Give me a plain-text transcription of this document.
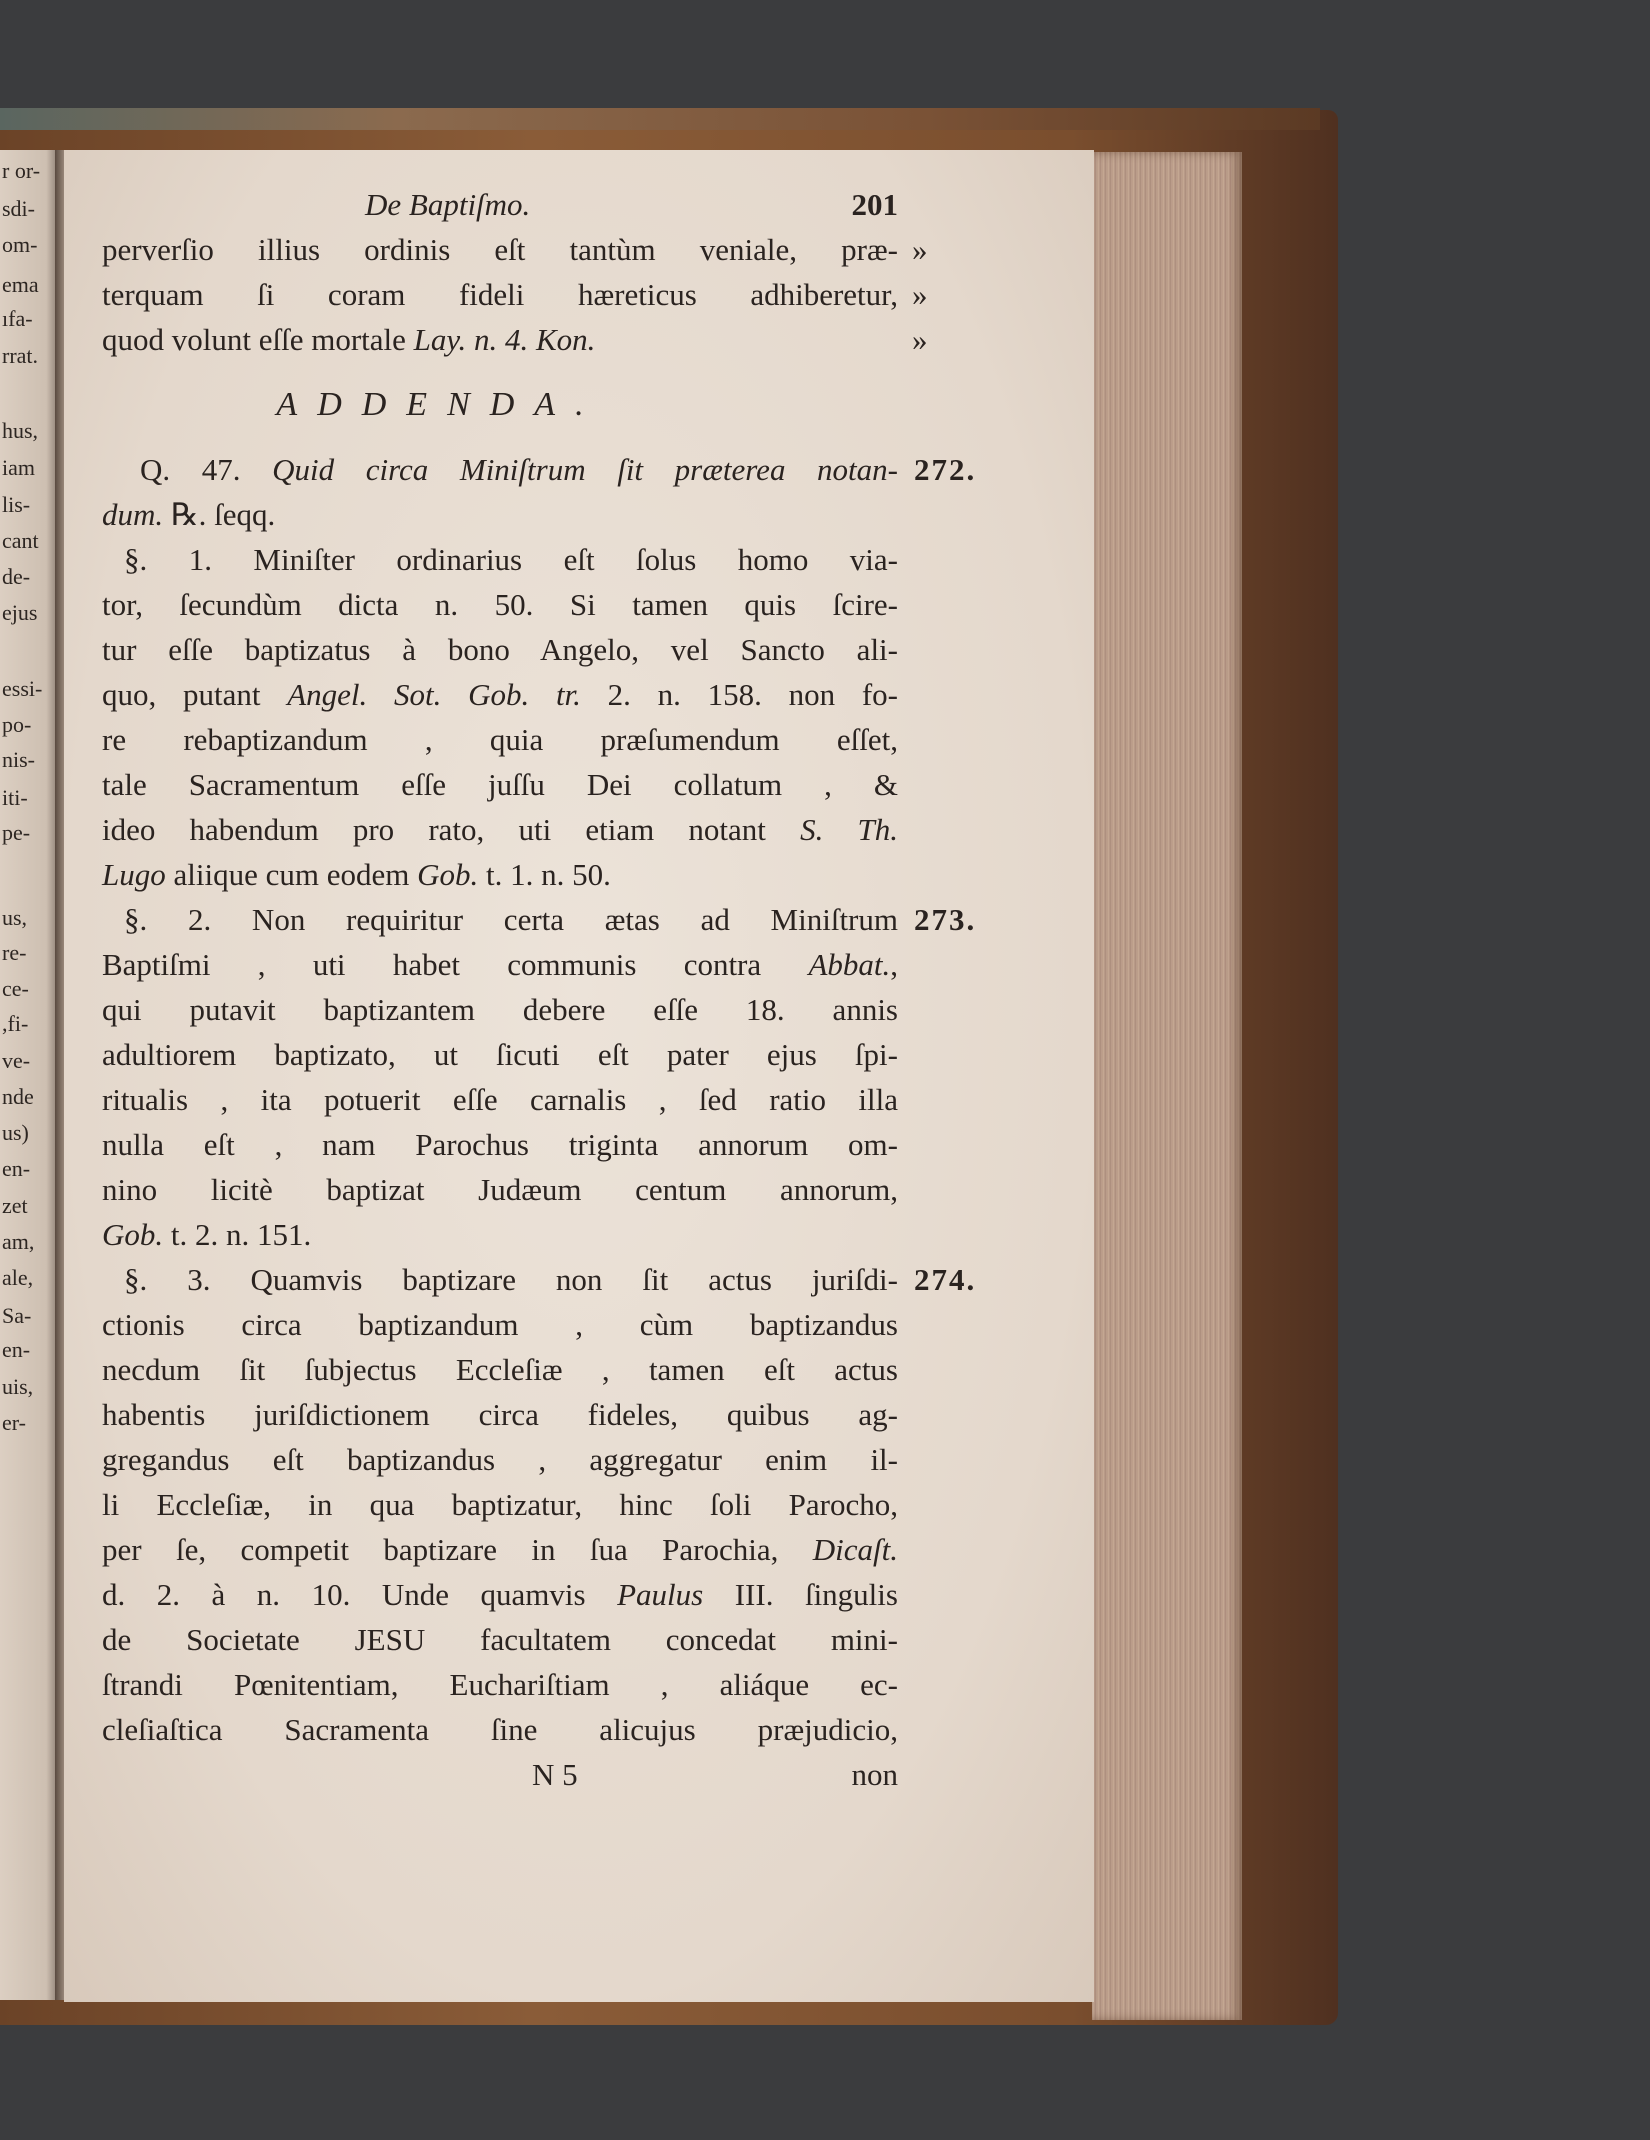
r or-
sdi-
om-
ema
ıfa-
rrat.
hus,
iam
lis-
cant
de-
ejus
essi-
po-
nis-
iti-
pe-
us,
re-
ce-
,fi-
ve-
nde
us)
en-
zet
am,
ale,
Sa-
en-
uis,
er-
De Baptiſmo.	201
perverſio illius ordinis eſt tantùm veniale, præ- »
terquam ſi coram fideli hæreticus adhiberetur, »
quod volunt eſſe mortale Lay. n. 4. Kon.	»
ADDENDA.
Q. 47. Quid circa Miniſtrum ſit præterea notan- 272.
dum. ℞. ſeqq.
§. 1. Miniſter ordinarius eſt ſolus homo via-
tor, ſecundùm dicta n. 50. Si tamen quis ſcire-
tur eſſe baptizatus à bono Angelo, vel Sancto ali-
quo, putant Angel. Sot. Gob. tr. 2. n. 158. non fo-
re rebaptizandum , quia præſumendum eſſet,
tale Sacramentum eſſe juſſu Dei collatum , &
ideo habendum pro rato, uti etiam notant S. Th.
Lugo aliique cum eodem Gob. t. 1. n. 50.
§. 2. Non requiritur certa ætas ad Miniſtrum 273.
Baptiſmi , uti habet communis contra Abbat.,
qui putavit baptizantem debere eſſe 18. annis
adultiorem baptizato, ut ſicuti eſt pater ejus ſpi-
ritualis , ita potuerit eſſe carnalis , ſed ratio illa
nulla eſt , nam Parochus triginta annorum om-
nino licitè baptizat Judæum centum annorum,
Gob. t. 2. n. 151.
§. 3. Quamvis baptizare non ſit actus juriſdi- 274.
ctionis circa baptizandum , cùm baptizandus
necdum ſit ſubjectus Eccleſiæ , tamen eſt actus
habentis juriſdictionem circa fideles, quibus ag-
gregandus eſt baptizandus , aggregatur enim il-
li Eccleſiæ, in qua baptizatur, hinc ſoli Parocho,
per ſe, competit baptizare in ſua Parochia, Dicaſt.
d. 2. à n. 10. Unde quamvis Paulus III. ſingulis
de Societate JESU facultatem concedat mini-
ſtrandi Pœnitentiam, Euchariſtiam , aliáque ec-
cleſiaſtica Sacramenta ſine alicujus præjudicio,
N 5	non
